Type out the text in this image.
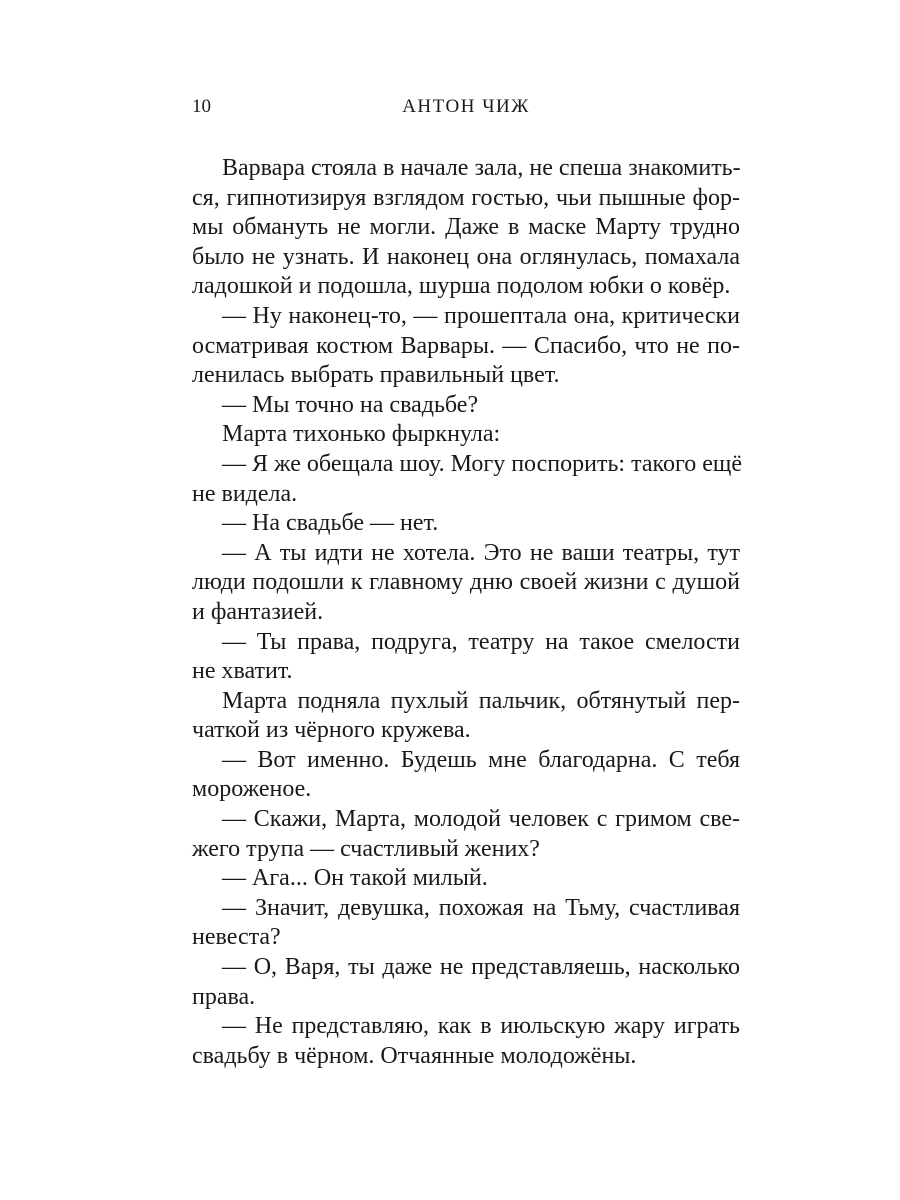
10	АНТОН ЧИЖ
Варвара стояла в начале зала, не спеша знакомить-
ся, гипнотизируя взглядом гостью, чьи пышные фор-
мы обмануть не могли. Даже в маске Марту трудно
было не узнать. И наконец она оглянулась, помахала
ладошкой и подошла, шурша подолом юбки о ковёр.
— Ну наконец-то, — прошептала она, критически
осматривая костюм Варвары. — Спасибо, что не по-
ленилась выбрать правильный цвет.
— Мы точно на свадьбе?
Марта тихонько фыркнула:
— Я же обещала шоу. Могу поспорить: такого ещё
не видела.
— На свадьбе — нет.
— А ты идти не хотела. Это не ваши театры, тут
люди подошли к главному дню своей жизни с душой
и фантазией.
— Ты права, подруга, театру на такое смелости
не хватит.
Марта подняла пухлый пальчик, обтянутый пер-
чаткой из чёрного кружева.
— Вот именно. Будешь мне благодарна. С тебя
мороженое.
— Скажи, Марта, молодой человек с гримом све-
жего трупа — счастливый жених?
— Ага... Он такой милый.
— Значит, девушка, похожая на Тьму, счастливая
невеста?
— О, Варя, ты даже не представляешь, насколько
права.
— Не представляю, как в июльскую жару играть
свадьбу в чёрном. Отчаянные молодожёны.
